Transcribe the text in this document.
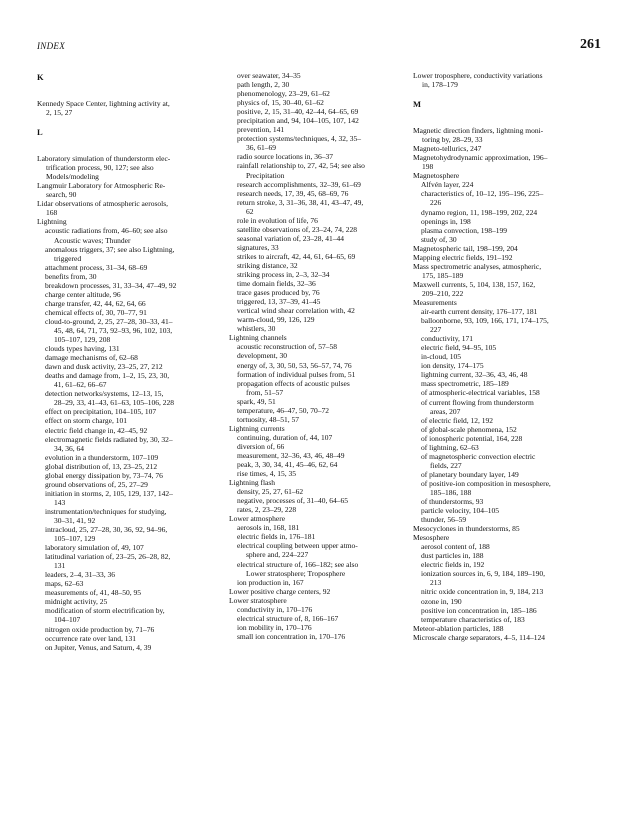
INDEX	261
K
Kennedy Space Center, lightning activity at,
2, 15, 27
L
Laboratory simulation of thunderstorm elec-
trification process, 90, 127; see also
Models/modeling
Langmuir Laboratory for Atmospheric Re-
search, 90
Lidar observations of atmospheric aerosols,
168
Lightning
acoustic radiations from, 46–60; see also
Acoustic waves; Thunder
anomalous triggers, 37; see also Lightning,
triggered
attachment process, 31–34, 68–69
benefits from, 30
breakdown processes, 31, 33–34, 47–49, 92
charge center altitude, 96
charge transfer, 42, 44, 62, 64, 66
chemical effects of, 30, 70–77, 91
cloud-to-ground, 2, 25, 27–28, 30–33, 41–
45, 48, 64, 71, 73, 92–93, 96, 102, 103,
105–107, 129, 208
clouds types having, 131
damage mechanisms of, 62–68
dawn and dusk activity, 23–25, 27, 212
deaths and damage from, 1–2, 15, 23, 30,
41, 61–62, 66–67
detection networks/systems, 12–13, 15,
28–29, 33, 41–43, 61–63, 105–106, 228
effect on precipitation, 104–105, 107
effect on storm charge, 101
electric field change in, 42–45, 92
electromagnetic fields radiated by, 30, 32–
34, 36, 64
evolution in a thunderstorm, 107–109
global distribution of, 13, 23–25, 212
global energy dissipation by, 73–74, 76
ground observations of, 25, 27–29
initiation in storms, 2, 105, 129, 137, 142–
143
instrumentation/techniques for studying,
30–31, 41, 92
intracloud, 25, 27–28, 30, 36, 92, 94–96,
105–107, 129
laboratory simulation of, 49, 107
latitudinal variation of, 23–25, 26–28, 82,
131
leaders, 2–4, 31–33, 36
maps, 62–63
measurements of, 41, 48–50, 95
midnight activity, 25
modification of storm electrification by,
104–107
nitrogen oxide production by, 71–76
occurrence rate over land, 131
on Jupiter, Venus, and Saturn, 4, 39
over seawater, 34–35
path length, 2, 30
phenomenology, 23–29, 61–62
physics of, 15, 30–40, 61–62
positive, 2, 15, 31–40, 42–44, 64–65, 69
precipitation and, 94, 104–105, 107, 142
prevention, 141
protection systems/techniques, 4, 32, 35–
36, 61–69
radio source locations in, 36–37
rainfall relationship to, 27, 42, 54; see also
Precipitation
research accomplishments, 32–39, 61–69
research needs, 17, 39, 45, 68–69, 76
return stroke, 3, 31–36, 38, 41, 43–47, 49,
62
role in evolution of life, 76
satellite observations of, 23–24, 74, 228
seasonal variation of, 23–28, 41–44
signatures, 33
strikes to aircraft, 42, 44, 61, 64–65, 69
striking distance, 32
striking process in, 2–3, 32–34
time domain fields, 32–36
trace gases produced by, 76
triggered, 13, 37–39, 41–45
vertical wind shear correlation with, 42
warm-cloud, 99, 126, 129
whistlers, 30
Lightning channels
acoustic reconstruction of, 57–58
development, 30
energy of, 3, 30, 50, 53, 56–57, 74, 76
formation of individual pulses from, 51
propagation effects of acoustic pulses
from, 51–57
spark, 49, 51
temperature, 46–47, 50, 70–72
tortuosity, 48–51, 57
Lightning currents
continuing, duration of, 44, 107
diversion of, 66
measurement, 32–36, 43, 46, 48–49
peak, 3, 30, 34, 41, 45–46, 62, 64
rise times, 4, 15, 35
Lightning flash
density, 25, 27, 61–62
negative, processes of, 31–40, 64–65
rates, 2, 23–29, 228
Lower atmosphere
aerosols in, 168, 181
electric fields in, 176–181
electrical coupling between upper atmo-
sphere and, 224–227
electrical structure of, 166–182; see also
Lower stratosphere; Troposphere
ion production in, 167
Lower positive charge centers, 92
Lower stratosphere
conductivity in, 170–176
electrical structure of, 8, 166–167
ion mobility in, 170–176
small ion concentration in, 170–176
Lower troposphere, conductivity variations
in, 178–179
M
Magnetic direction finders, lightning moni-
toring by, 28–29, 33
Magneto-tellurics, 247
Magnetohydrodynamic approximation, 196–
198
Magnetosphere
Alfvén layer, 224
characteristics of, 10–12, 195–196, 225–
226
dynamo region, 11, 198–199, 202, 224
openings in, 198
plasma convection, 198–199
study of, 30
Magnetospheric tail, 198–199, 204
Mapping electric fields, 191–192
Mass spectrometric analyses, atmospheric,
175, 185–189
Maxwell currents, 5, 104, 138, 157, 162,
209–210, 222
Measurements
air-earth current density, 176–177, 181
balloonborne, 93, 109, 166, 171, 174–175,
227
conductivity, 171
electric field, 94–95, 105
in-cloud, 105
ion density, 174–175
lightning current, 32–36, 43, 46, 48
mass spectrometric, 185–189
of atmospheric-electrical variables, 158
of current flowing from thunderstorm
areas, 207
of electric field, 12, 192
of global-scale phenomena, 152
of ionospheric potential, 164, 228
of lightning, 62–63
of magnetospheric convection electric
fields, 227
of planetary boundary layer, 149
of positive-ion composition in mesosphere,
185–186, 188
of thunderstorms, 93
particle velocity, 104–105
thunder, 56–59
Mesocyclones in thunderstorms, 85
Mesosphere
aerosol content of, 188
dust particles in, 188
electric fields in, 192
ionization sources in, 6, 9, 184, 189–190,
213
nitric oxide concentration in, 9, 184, 213
ozone in, 190
positive ion concentration in, 185–186
temperature characteristics of, 183
Meteor-ablation particles, 188
Microscale charge separators, 4–5, 114–124
